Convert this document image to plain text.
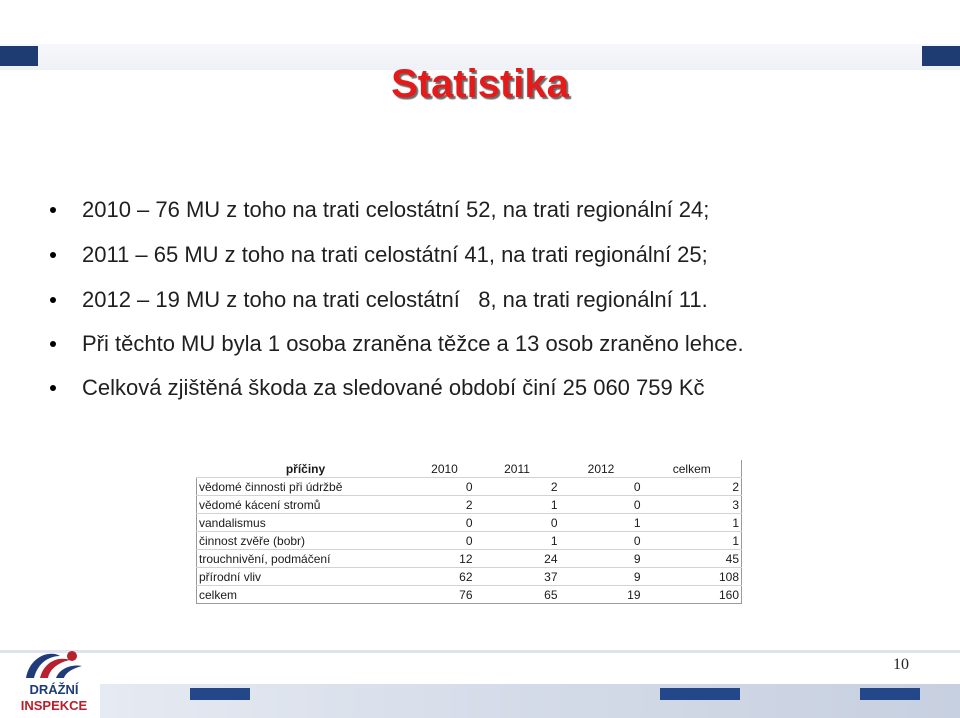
Statistika
2010 – 76 MU z toho na trati celostátní 52, na trati regionální 24;
2011 – 65 MU z toho na trati celostátní 41, na trati regionální 25;
2012 – 19 MU z toho na trati celostátní   8, na trati regionální 11.
Při těchto MU byla 1 osoba zraněna těžce a 13 osob zraněno lehce.
Celková zjištěná škoda za sledované období činí 25 060 759 Kč
příčiny	2010	2011	2012	celkem
vědomé činnosti při údržbě	0	2	0	2
vědomé kácení stromů	2	1	0	3
vandalismus	0	0	1	1
činnost zvěře (bobr)	0	1	0	1
trouchnivění, podmáčení	12	24	9	45
přírodní vliv	62	37	9	108
celkem	76	65	19	160
10
DRÁŽNÍ
INSPEKCE
